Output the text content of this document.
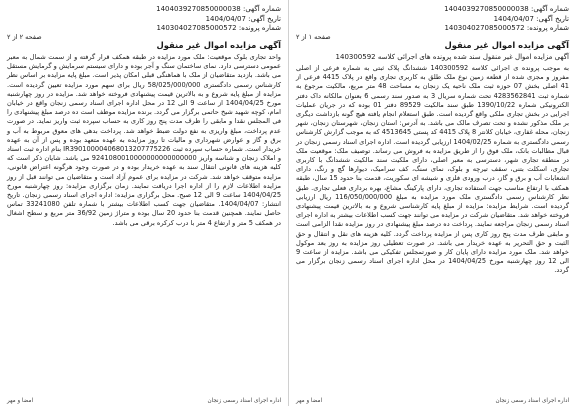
شماره آگهی: 1404039270850000038
تاریخ آگهی: 1404/04/07
شماره پرونده: 140304027085000572
صفحه ۱ از ۲
آگهی مزایده اموال غیر منقول
آگهی مزایده اموال غیر منقول سند شده پرونده های اجرائی کلاسه 140300592

به موجب پرونده ی اجرائی کلاسه 140300592 ششدانگ پلاک ثبتی به شماره فرعی از اصلی مفروز و مجزی شده از قطعه زمین نوع ملک طلق به کاربری تجاری واقع در پلاک 4415 فرعی از 41 اصلی بخش 07 حوزه ثبت ملک ناحیه یک زنجان به مساحت 48 متر مربع، مالکیت مرجوع به شماره ثبت 4283562841 تحت شماره سریال 3 به صدور سند رسمی 6 بعنوان مالکانه داک دفتر الکترونیکی شماره 1390/10/22 طبق سند مالکیت 89529 دفتر 01 بوده که در جریان عملیات اجرایی در بخش تجاری ملکی واقع گردیده است. طبق استعلام انجام یافته هیچ گونه بازداشت دیگری بر ملک مذکور نشده و تحت تصرف مالک می باشد. به آدرس: استان زنجان، شهرستان زنجان، شهر زنجان، محله غفاری، خیابان کلانتر 8 پلاک 4415 کد پستی 4513645 که به موجب گزارش کارشناس رسمی دادگستری به شماره 1404/02/25 ارزیابی گردیده است. اداره اجرای اسناد رسمی زنجان در قبال مطالبات بانک، ملک فوق را از طریق مزایده به فروش می رساند. توصیف ملک: موقعیت ملک در منطقه تجاری شهر، دسترسی به معبر اصلی، دارای ملکیت سند مالکیت ششدانگ با کاربری تجاری، اسکلت بتنی، سقف تیرچه و بلوک، نمای سنگ، کف سرامیک، دیوارها گچ و رنگ، دارای انشعابات آب و برق و گاز، درب ورودی فلزی و شیشه ای سکوریت، قدمت بنا حدود 15 سال، طبقه همکف با ارتفاع مناسب جهت استفاده تجاری، دارای پارکینگ مشاع، بهره برداری فعلی تجاری. طبق نظر کارشناس رسمی دادگستری ملک مورد مزایده به مبلغ 116/050/000/000 ریال ارزیابی گردیده است. شرایط مزایده: مزایده از مبلغ پایه کارشناسی شروع و به بالاترین قیمت پیشنهادی فروخته خواهد شد. متقاضیان شرکت در مزایده می توانند جهت کسب اطلاعات بیشتر به اداره اجرای اسناد رسمی زنجان مراجعه نمایند. پرداخت ده درصد مبلغ پیشنهادی در روز مزایده نقدا الزامی است و مابقی ظرف مدت پنج روز کاری پس از مزایده پرداخت گردد. کلیه هزینه های نقل و انتقال و حق الثبت و حق التحریر به عهده خریدار می باشد. در صورت تعطیلی روز مزایده به روز بعد موکول خواهد شد. ملک مورد مزایده دارای پایان کار و صورتمجلس تفکیکی می باشد. مزایده از ساعت 9 الی 12 روز چهارشنبه مورخ 1404/04/25 در محل اداره اجرای اسناد رسمی زنجان برگزار می گردد.

اداره اجرای اسناد رسمی زنجان
امضا و مهر
شماره آگهی: 1404039270850000038
تاریخ آگهی: 1404/04/07
شماره پرونده: 140304027085000572
صفحه ۲ از ۲
آگهی مزایده اموال غیر منقول

واحد تجاری بلوک موقعیت: ملک مورد مزایده در طبقه همکف قرار گرفته و از سمت شمال به معبر عمومی دسترسی دارد. نمای ساختمان سنگ و آجر بوده و دارای سیستم سرمایش و گرمایش مستقل می باشد. بازدید متقاضیان از ملک با هماهنگی قبلی امکان پذیر است. مبلغ پایه مزایده بر اساس نظر کارشناس رسمی دادگستری 58/025/000/000 ریال برای سهم مورد مزایده تعیین گردیده است. مزایده از مبلغ پایه شروع و به بالاترین قیمت پیشنهادی فروخته خواهد شد. مزایده در روز چهارشنبه مورخ 1404/04/25 از ساعت 9 الی 12 در محل اداره اجرای اسناد رسمی زنجان واقع در خیابان امام، کوچه شهید شیخ حاتمی برگزار می گردد. برنده مزایده موظف است ده درصد مبلغ پیشنهادی را فی المجلس نقدا و مابقی را ظرف مدت پنج روز کاری به حساب سپرده ثبت واریز نماید. در صورت عدم پرداخت، مبلغ واریزی به نفع دولت ضبط خواهد شد. پرداخت بدهی های معوق مربوط به آب و برق و گاز و عوارض شهرداری و مالیات تا روز مزایده به عهده متعهد بوده و پس از آن به عهده خریدار است. شماره حساب سپرده ثبت IR390100004068013207775226 بنام اداره ثبت اسناد و املاک زنجان و شناسه واریز 9241080010000000000000000 می باشد. شایان ذکر است که کلیه هزینه های قانونی انتقال سند به عهده خریدار بوده و در صورت وجود هرگونه اعتراض قانونی، مزایده متوقف خواهد شد. شرکت در مزایده برای عموم آزاد است و متقاضیان می توانند قبل از روز مزایده اطلاعات لازم را از اداره اجرا دریافت نمایند. زمان برگزاری مزایده: روز چهارشنبه مورخ 1404/04/25 ساعت 9 الی 12 صبح. محل برگزاری مزایده: اداره اجرای اسناد رسمی زنجان. تاریخ انتشار: 1404/04/07. متقاضیان جهت کسب اطلاعات بیشتر با شماره تلفن 33241080 تماس حاصل نمایند. همچنین قدمت بنا حدود 20 سال بوده و متراژ زمین 36/92 متر مربع و سطح اشغال در همکف 5 متر و ارتفاع 4 متر با درب کرکره برقی می باشد.

اداره اجرای اسناد رسمی زنجان
امضا و مهر
